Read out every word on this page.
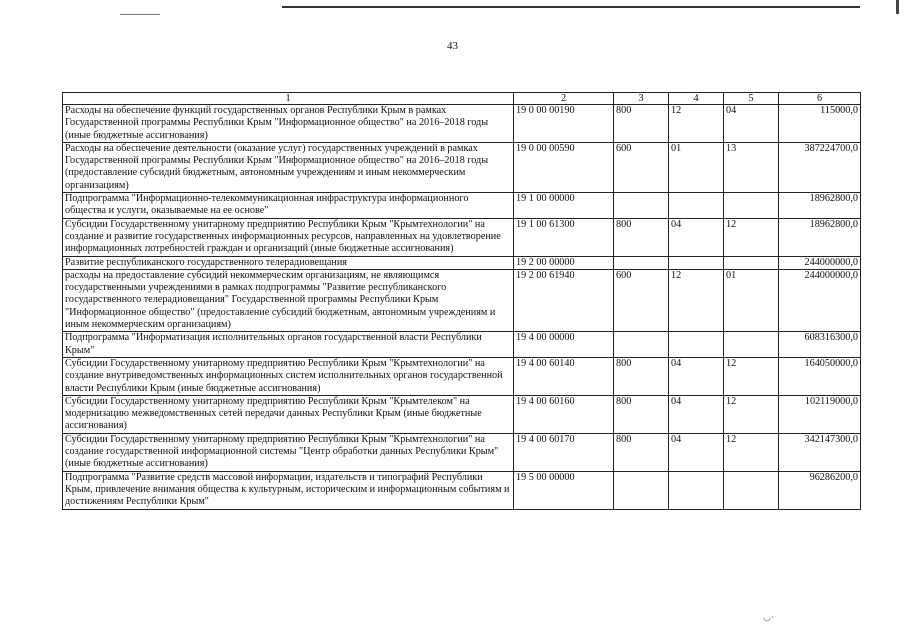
43
1	2	3	4	5	6
Расходы на обеспечение функций государственных органов Республики Крым в рамках Государственной программы Республики Крым "Информационное общество" на 2016–2018 годы (иные бюджетные ассигнования)	19 0 00 00190	800	12	04	115000,0
Расходы на обеспечение деятельности (оказание услуг) государственных учреждений в рамках Государственной программы Республики Крым "Информационное общество" на 2016–2018 годы (предоставление субсидий бюджетным, автономным учреждениям и иным некоммерческим организациям)	19 0 00 00590	600	01	13	387224700,0
Подпрограмма "Информационно-телекоммуникационная инфраструктура информационного общества и услуги, оказываемые на ее основе"	19 1 00 00000				18962800,0
Субсидии Государственному унитарному предприятию Республики Крым "Крымтехнологии" на создание и развитие государственных информационных ресурсов, направленных на удовлетворение информационных потребностей граждан и организаций (иные бюджетные ассигнования)	19 1 00 61300	800	04	12	18962800,0
Развитие республиканского государственного телерадиовещания	19 2 00 00000				244000000,0
расходы на предоставление субсидий некоммерческим организациям, не являющимся государственными учреждениями в рамках подпрограммы "Развитие республиканского государственного телерадиовещания" Государственной программы Республики Крым "Информационное общество" (предоставление субсидий бюджетным, автономным учреждениям и иным некоммерческим организациям)	19 2 00 61940	600	12	01	244000000,0
Подпрограмма "Информатизация исполнительных органов государственной власти Республики Крым"	19 4 00 00000				608316300,0
Субсидии Государственному унитарному предприятию Республики Крым "Крымтехнологии" на создание внутриведомственных информационных систем исполнительных органов государственной власти Республики Крым (иные бюджетные ассигнования)	19 4 00 60140	800	04	12	164050000,0
Субсидии Государственному унитарному предприятию Республики Крым "Крымтелеком" на модернизацию межведомственных сетей передачи данных Республики Крым (иные бюджетные ассигнования)	19 4 00 60160	800	04	12	102119000,0
Субсидии Государственному унитарному предприятию Республики Крым "Крымтехнологии" на создание государственной информационной системы "Центр обработки данных Республики Крым" (иные бюджетные ассигнования)	19 4 00 60170	800	04	12	342147300,0
Подпрограмма "Развитие средств массовой информации, издательств и типографий Республики Крым, привлечение внимания общества к культурным, историческим и информационным событиям и достижениям Республики Крым"	19 5 00 00000				96286200,0
◡·
